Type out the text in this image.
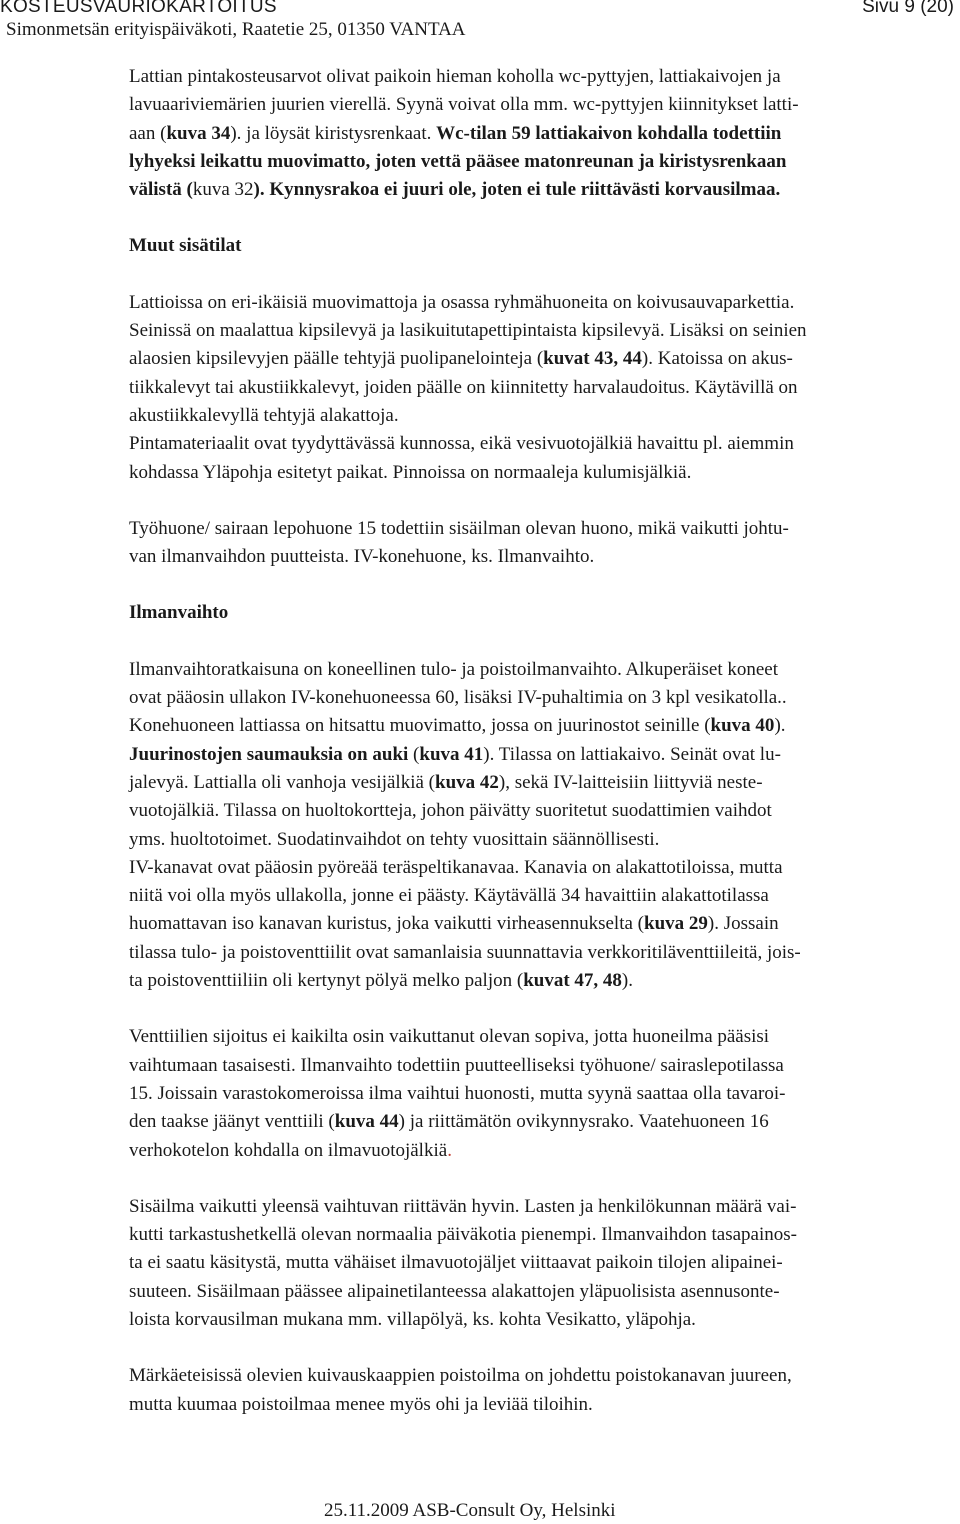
KOSTEUSVAURIOKARTOITUS	Sivu 9 (20)
Simonmetsän erityispäiväkoti, Raatetie 25, 01350 VANTAA

Lattian pintakosteusarvot olivat paikoin hieman koholla wc-pyttyjen, lattiakaivojen ja
lavuaariviemärien juurien vierellä. Syynä voivat olla mm. wc-pyttyjen kiinnitykset latti-
aan (kuva 34). ja löysät kiristysrenkaat. Wc-tilan 59 lattiakaivon kohdalla todettiin
lyhyeksi leikattu muovimatto, joten vettä pääsee matonreunan ja kiristysrenkaan
välistä (kuva 32). Kynnysrakoa ei juuri ole, joten ei tule riittävästi korvausilmaa.

Muut sisätilat

Lattioissa on eri-ikäisiä muovimattoja ja osassa ryhmähuoneita on koivusauvaparkettia.
Seinissä on maalattua kipsilevyä ja lasikuitutapettipintaista kipsilevyä. Lisäksi on seinien
alaosien kipsilevyjen päälle tehtyjä puolipanelointeja (kuvat 43, 44). Katoissa on akus-
tiikkalevyt tai akustiikkalevyt, joiden päälle on kiinnitetty harvalaudoitus. Käytävillä on
akustiikkalevyllä tehtyjä alakattoja.
Pintamateriaalit ovat tyydyttävässä kunnossa, eikä vesivuotojälkiä havaittu pl. aiemmin
kohdassa Yläpohja esitetyt paikat. Pinnoissa on normaaleja kulumisjälkiä.

Työhuone/ sairaan lepohuone 15 todettiin sisäilman olevan huono, mikä vaikutti johtu-
van ilmanvaihdon puutteista. IV-konehuone, ks. Ilmanvaihto.

Ilmanvaihto

Ilmanvaihtoratkaisuna on koneellinen tulo- ja poistoilmanvaihto. Alkuperäiset koneet
ovat pääosin ullakon IV-konehuoneessa 60, lisäksi IV-puhaltimia on 3 kpl vesikatolla..
Konehuoneen lattiassa on hitsattu muovimatto, jossa on juurinostot seinille (kuva 40).
Juurinostojen saumauksia on auki (kuva 41). Tilassa on lattiakaivo. Seinät ovat lu-
jalevyä. Lattialla oli vanhoja vesijälkiä (kuva 42), sekä IV-laitteisiin liittyviä neste-
vuotojälkiä. Tilassa on huoltokortteja, johon päivätty suoritetut suodattimien vaihdot
yms. huoltotoimet. Suodatinvaihdot on tehty vuosittain säännöllisesti.
IV-kanavat ovat pääosin pyöreää teräspeltikanavaa. Kanavia on alakattotiloissa, mutta
niitä voi olla myös ullakolla, jonne ei päästy. Käytävällä 34 havaittiin alakattotilassa
huomattavan iso kanavan kuristus, joka vaikutti virheasennukselta (kuva 29). Jossain
tilassa tulo- ja poistoventtiilit ovat samanlaisia suunnattavia verkkoritiläventtiileitä, jois-
ta poistoventtiiliin oli kertynyt pölyä melko paljon (kuvat 47, 48).

Venttiilien sijoitus ei kaikilta osin vaikuttanut olevan sopiva, jotta huoneilma pääsisi
vaihtumaan tasaisesti. Ilmanvaihto todettiin puutteelliseksi työhuone/ sairaslepotilassa
15. Joissain varastokomeroissa ilma vaihtui huonosti, mutta syynä saattaa olla tavaroi-
den taakse jäänyt venttiili (kuva 44) ja riittämätön ovikynnysrako. Vaatehuoneen 16
verhokotelon kohdalla on ilmavuotojälkiä.

Sisäilma vaikutti yleensä vaihtuvan riittävän hyvin. Lasten ja henkilökunnan määrä vai-
kutti tarkastushetkellä olevan normaalia päiväkotia pienempi. Ilmanvaihdon tasapainos-
ta ei saatu käsitystä, mutta vähäiset ilmavuotojäljet viittaavat paikoin tilojen alipainei-
suuteen. Sisäilmaan päässee alipainetilanteessa alakattojen yläpuolisista asennusonte-
loista korvausilman mukana mm. villapölyä, ks. kohta Vesikatto, yläpohja.

Märkäeteisissä olevien kuivauskaappien poistoilma on johdettu poistokanavan juureen,
mutta kuumaa poistoilmaa menee myös ohi ja leviää tiloihin.

25.11.2009 ASB-Consult Oy, Helsinki
